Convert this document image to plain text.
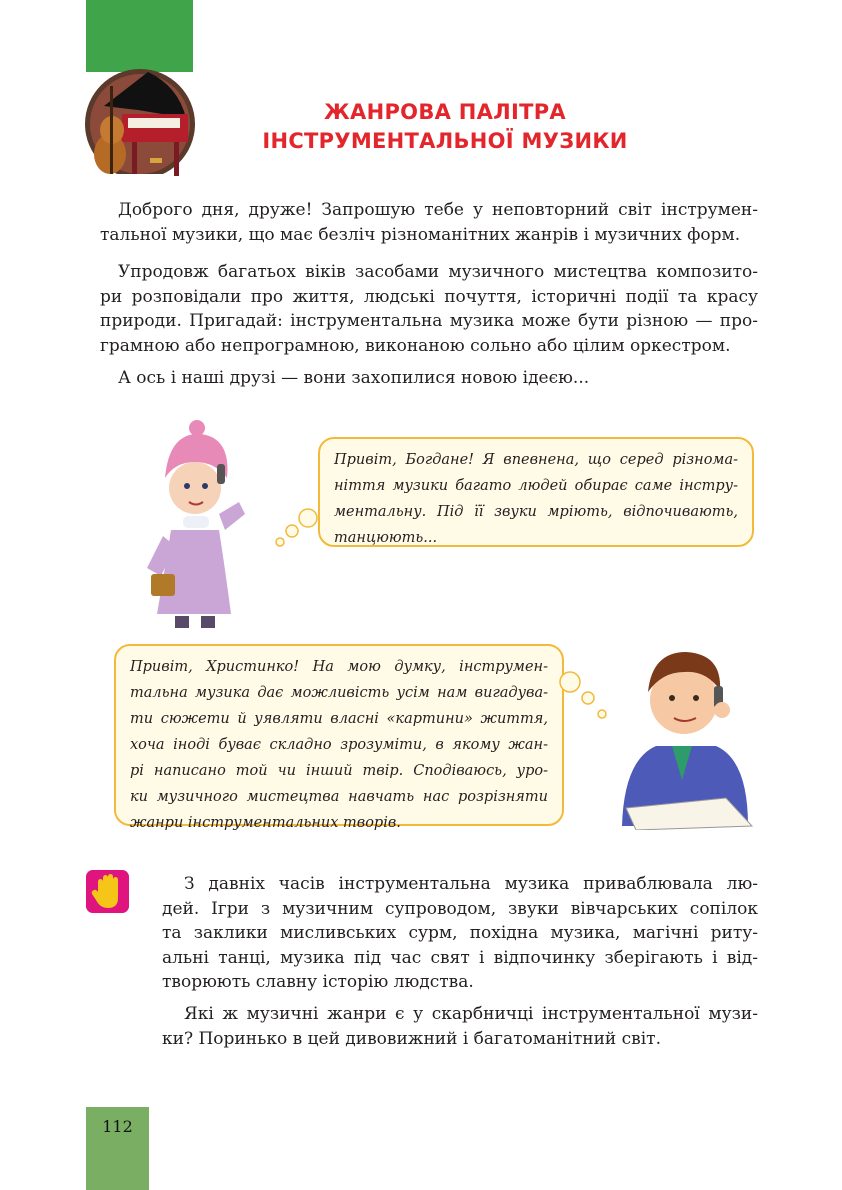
ЖАНРОВА ПАЛІТРА
ІНСТРУМЕНТАЛЬНОЇ МУЗИКИ
Доброго дня, друже! Запрошую тебе у неповторний світ інструмен-
тальної музики, що має безліч різноманітних жанрів і музичних форм.
Упродовж багатьох віків засобами музичного мистецтва композито-
ри розповідали про життя, людські почуття, історичні події та красу
природи. Пригадай: інструментальна музика може бути різною — про-
грамною або непрограмною, виконаною сольно або цілим оркестром.
А ось і наші друзі — вони захопилися новою ідеєю...
Привіт, Богдане! Я впевнена, що серед різнома-
ніття музики багато людей обирає саме інстру-
ментальну. Під її звуки мріють, відпочивають,
танцюють...
Привіт, Христинко! На мою думку, інструмен-
тальна музика дає можливість усім нам вигадува-
ти сюжети й уявляти власні «картини» життя,
хоча іноді буває складно зрозуміти, в якому жан-
рі написано той чи інший твір. Сподіваюсь, уро-
ки музичного мистецтва навчать нас розрізняти
жанри інструментальних творів.
З давніх часів інструментальна музика приваблювала лю-
дей. Ігри з музичним супроводом, звуки вівчарських сопілок
та заклики мисливських сурм, похідна музика, магічні риту-
альні танці, музика під час свят і відпочинку зберігають і від-
творюють славну історію людства.
Які ж музичні жанри є у скарбничці інструментальної музи-
ки? Поринько в цей дивовижний і багатоманітний світ.
112
